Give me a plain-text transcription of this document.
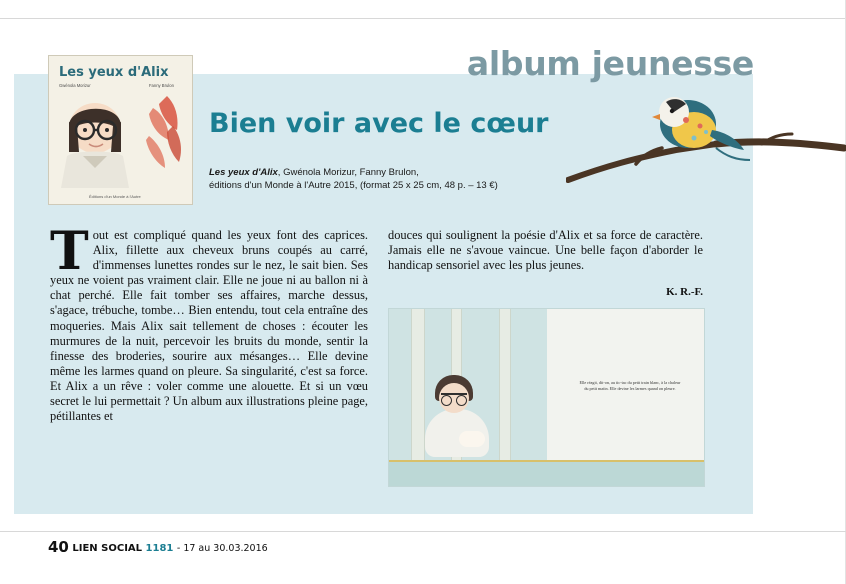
album jeunesse
Les yeux d'Alix
Gwénola Morizur	Fanny Brulon
Éditions d'un Monde à l'Autre
Bien voir avec le cœur
Les yeux d'Alix, Gwénola Morizur, Fanny Brulon,
éditions d'un Monde à l'Autre 2015, (format 25 x 25 cm, 48 p. – 13 €)
Tout est compliqué quand les yeux font des caprices. Alix, fillette aux cheveux bruns coupés au carré, d'immenses lunettes rondes sur le nez, le sait bien. Ses yeux ne voient pas vraiment clair. Elle ne joue ni au ballon ni à chat perché. Elle fait tomber ses affaires, marche dessus, s'agace, trébuche, tombe… Bien entendu, tout cela entraîne des moqueries. Mais Alix sait tellement de choses : écouter les murmures de la nuit, percevoir les bruits du monde, sentir la finesse des broderies, sourire aux mésanges… Elle devine même les larmes quand on pleure. Sa singularité, c'est sa force. Et Alix a un rêve : voler comme une alouette. Et si un vœu secret le lui permettait ? Un album aux illustrations pleine page, pétillantes et
douces qui soulignent la poésie d'Alix et sa force de caractère. Jamais elle ne s'avoue vaincue. Une belle façon d'aborder le handicap sensoriel avec les plus jeunes.
K. R.-F.
Elle réagit, dit-on, au tic-tac du petit train blanc, à la chaleur du petit matin. Elle devine les larmes quand on pleure.
40 LIEN SOCIAL 1181 - 17 au 30.03.2016
